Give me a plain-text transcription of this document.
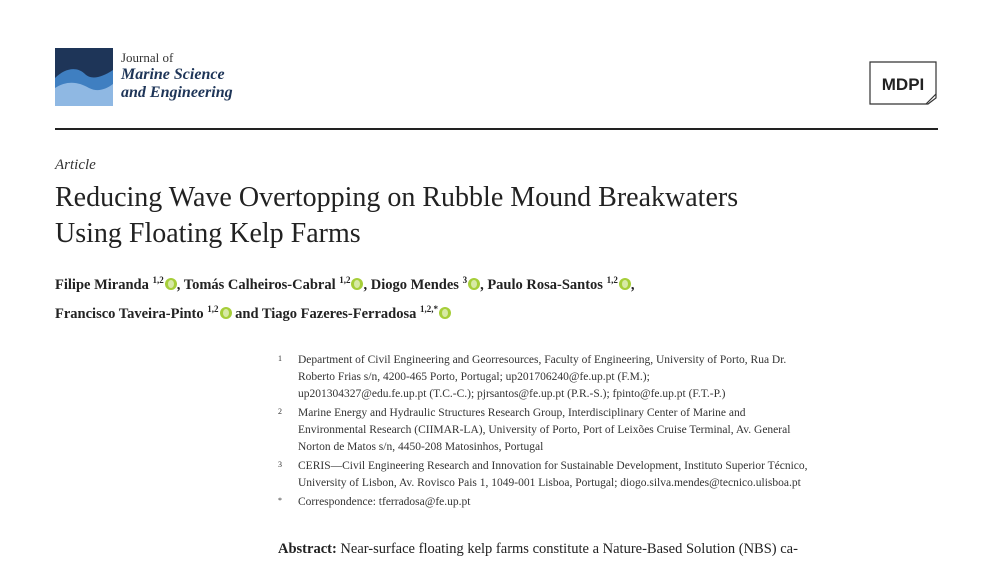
Journal of
Marine Science
and Engineering	MDPI
Article
Reducing Wave Overtopping on Rubble Mound Breakwaters
Using Floating Kelp Farms
Filipe Miranda $^{1,2}$ , Tomás Calheiros-Cabral $^{1,2}$ , Diogo Mendes $^3$ , Paulo Rosa-Santos $^{1,2}$ ,
Francisco Taveira-Pinto $^{1,2}$ and Tiago Fazeres-Ferradosa $^{1,2,*}$
1 Department of Civil Engineering and Georresources, Faculty of Engineering, University of Porto, Rua Dr.
Roberto Frias s/n, 4200-465 Porto, Portugal; up201706240@fe.up.pt (F.M.);
up201304327@edu.fe.up.pt (T.C.-C.); pjrsantos@fe.up.pt (P.R.-S.); fpinto@fe.up.pt (F.T.-P.)
2 Marine Energy and Hydraulic Structures Research Group, Interdisciplinary Center of Marine and
Environmental Research (CIIMAR-LA), University of Porto, Port of Leixões Cruise Terminal, Av. General
Norton de Matos s/n, 4450-208 Matosinhos, Portugal
3 CERIS—Civil Engineering Research and Innovation for Sustainable Development, Instituto Superior Técnico,
University of Lisbon, Av. Rovisco Pais 1, 1049-001 Lisboa, Portugal; diogo.silva.mendes@tecnico.ulisboa.pt
* Correspondence: tferradosa@fe.up.pt
Abstract: Near-surface floating kelp farms constitute a Nature-Based Solution (NBS) ca-
